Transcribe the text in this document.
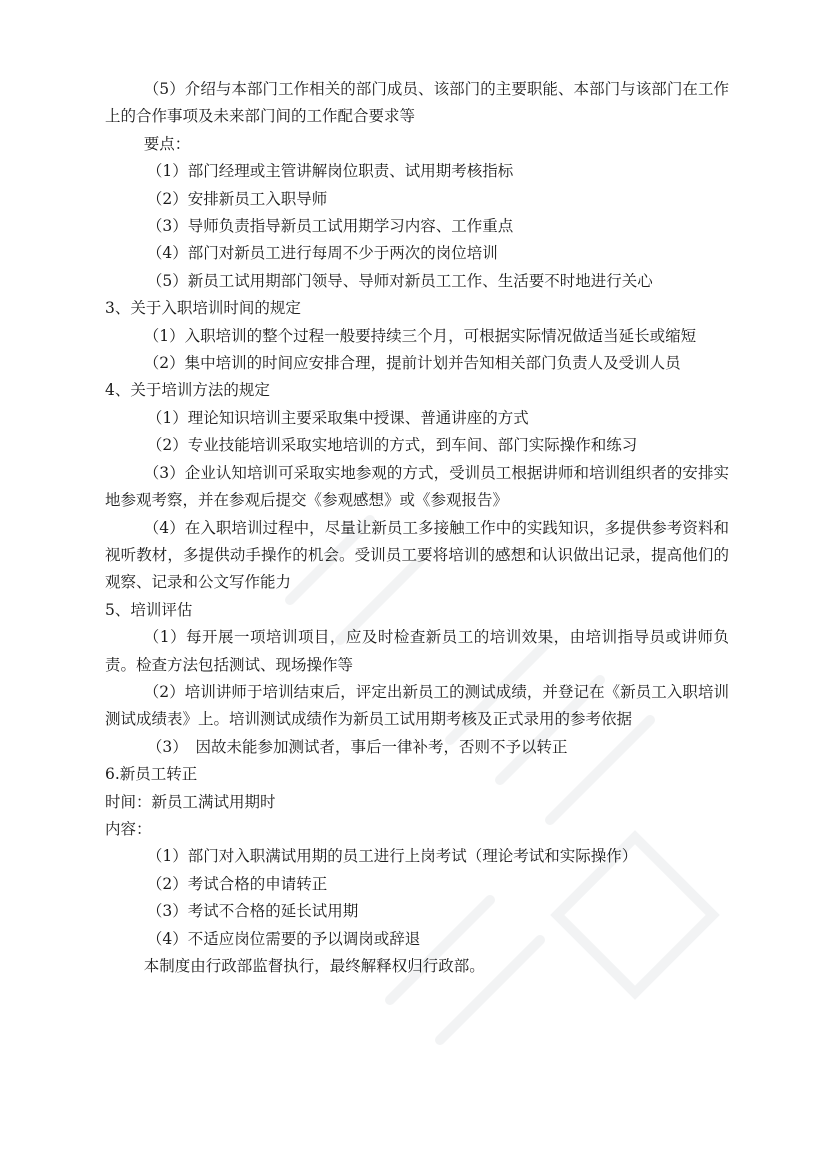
（5）介绍与本部门工作相关的部门成员、该部门的主要职能、本部门与该部门在工作上的合作事项及未来部门间的工作配合要求等

要点：

（1）部门经理或主管讲解岗位职责、试用期考核指标

（2）安排新员工入职导师

（3）导师负责指导新员工试用期学习内容、工作重点

（4）部门对新员工进行每周不少于两次的岗位培训

（5）新员工试用期部门领导、导师对新员工工作、生活要不时地进行关心

3、关于入职培训时间的规定

（1）入职培训的整个过程一般要持续三个月，可根据实际情况做适当延长或缩短

（2）集中培训的时间应安排合理，提前计划并告知相关部门负责人及受训人员

4、关于培训方法的规定

（1）理论知识培训主要采取集中授课、普通讲座的方式

（2）专业技能培训采取实地培训的方式，到车间、部门实际操作和练习

（3）企业认知培训可采取实地参观的方式，受训员工根据讲师和培训组织者的安排实地参观考察，并在参观后提交《参观感想》或《参观报告》

（4）在入职培训过程中，尽量让新员工多接触工作中的实践知识，多提供参考资料和视听教材，多提供动手操作的机会。受训员工要将培训的感想和认识做出记录，提高他们的观察、记录和公文写作能力

5、培训评估

（1）每开展一项培训项目，应及时检查新员工的培训效果，由培训指导员或讲师负责。检查方法包括测试、现场操作等

（2）培训讲师于培训结束后，评定出新员工的测试成绩，并登记在《新员工入职培训测试成绩表》上。培训测试成绩作为新员工试用期考核及正式录用的参考依据

（3）　因故未能参加测试者，事后一律补考，否则不予以转正

6.新员工转正

时间：新员工满试用期时

内容：

（1）部门对入职满试用期的员工进行上岗考试（理论考试和实际操作）

（2）考试合格的申请转正

（3）考试不合格的延长试用期

（4）不适应岗位需要的予以调岗或辞退

本制度由行政部监督执行，最终解释权归行政部。
